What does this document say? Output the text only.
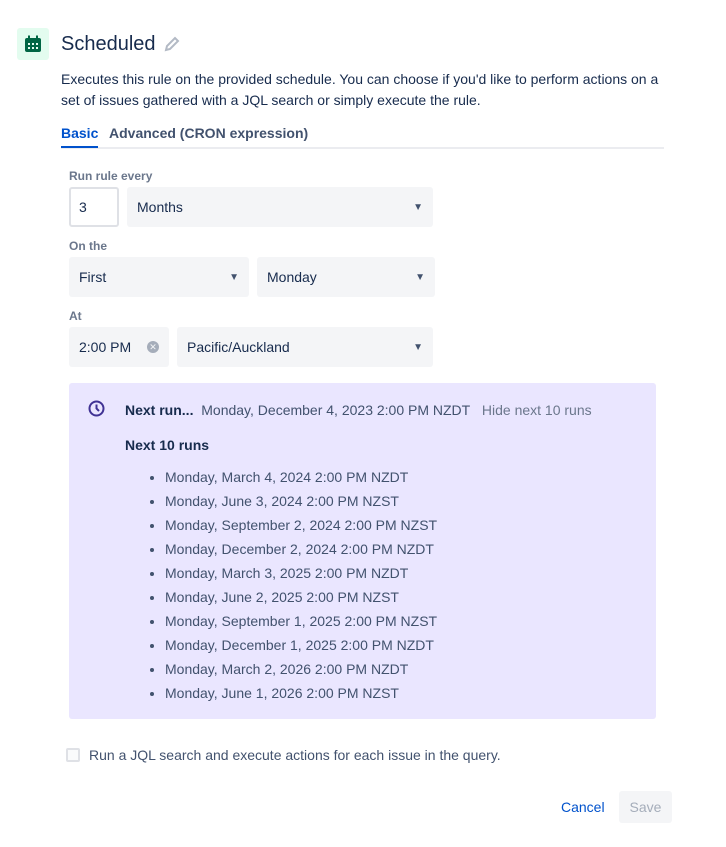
Scheduled
Executes this rule on the provided schedule. You can choose if you'd like to perform actions on a set of issues gathered with a JQL search or simply execute the rule.
Basic Advanced (CRON expression)
Run rule every
3	Months	▼
On the
First	▼ Monday	▼
At
2:00 PM ✕ Pacific/Auckland	▼
Next run... Monday, December 4, 2023 2:00 PM NZDT Hide next 10 runs
Next 10 runs
• Monday, March 4, 2024 2:00 PM NZDT
• Monday, June 3, 2024 2:00 PM NZST
• Monday, September 2, 2024 2:00 PM NZST
• Monday, December 2, 2024 2:00 PM NZDT
• Monday, March 3, 2025 2:00 PM NZDT
• Monday, June 2, 2025 2:00 PM NZST
• Monday, September 1, 2025 2:00 PM NZST
• Monday, December 1, 2025 2:00 PM NZDT
• Monday, March 2, 2026 2:00 PM NZDT
• Monday, June 1, 2026 2:00 PM NZST
Run a JQL search and execute actions for each issue in the query.
Cancel	Save
